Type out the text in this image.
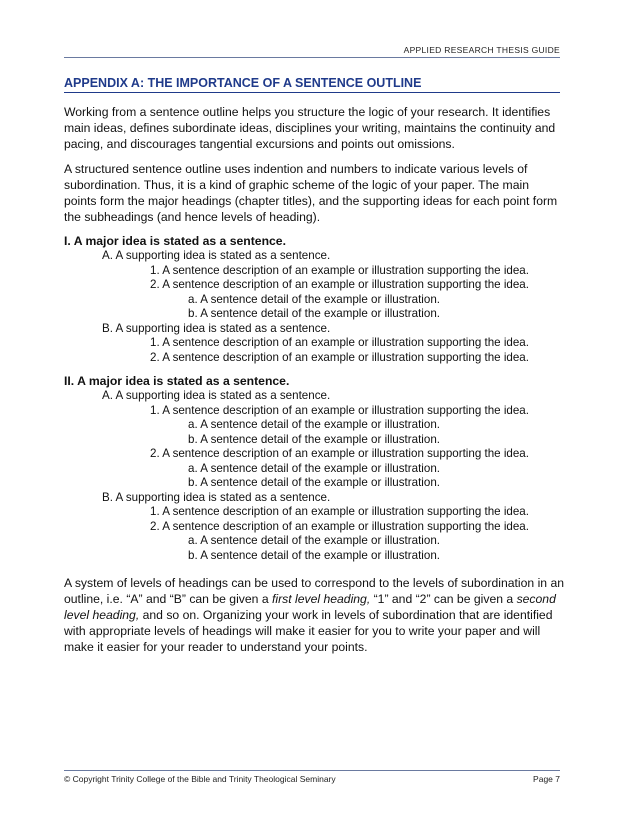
APPLIED RESEARCH THESIS GUIDE
APPENDIX A: THE IMPORTANCE OF A SENTENCE OUTLINE

Working from a sentence outline helps you structure the logic of your research. It identifies main ideas, defines subordinate ideas, disciplines your writing, maintains the continuity and pacing, and discourages tangential excursions and points out omissions.

A structured sentence outline uses indention and numbers to indicate various levels of subordination. Thus, it is a kind of graphic scheme of the logic of your paper. The main points form the major headings (chapter titles), and the supporting ideas for each point form the subheadings (and hence levels of heading).

I. A major idea is stated as a sentence.
A. A supporting idea is stated as a sentence.
1. A sentence description of an example or illustration supporting the idea.
2. A sentence description of an example or illustration supporting the idea.
a. A sentence detail of the example or illustration.
b. A sentence detail of the example or illustration.
B. A supporting idea is stated as a sentence.
1. A sentence description of an example or illustration supporting the idea.
2. A sentence description of an example or illustration supporting the idea.
II. A major idea is stated as a sentence.
A. A supporting idea is stated as a sentence.
1. A sentence description of an example or illustration supporting the idea.
a. A sentence detail of the example or illustration.
b. A sentence detail of the example or illustration.
2. A sentence description of an example or illustration supporting the idea.
a. A sentence detail of the example or illustration.
b. A sentence detail of the example or illustration.
B. A supporting idea is stated as a sentence.
1. A sentence description of an example or illustration supporting the idea.
2. A sentence description of an example or illustration supporting the idea.
a. A sentence detail of the example or illustration.
b. A sentence detail of the example or illustration.

A system of levels of headings can be used to correspond to the levels of subordination in an outline, i.e. “A” and “B” can be given a first level heading, “1” and “2” can be given a second level heading, and so on. Organizing your work in levels of subordination that are identified with appropriate levels of headings will make it easier for you to write your paper and will make it easier for your reader to understand your points.

© Copyright Trinity College of the Bible and Trinity Theological Seminary	Page 7
